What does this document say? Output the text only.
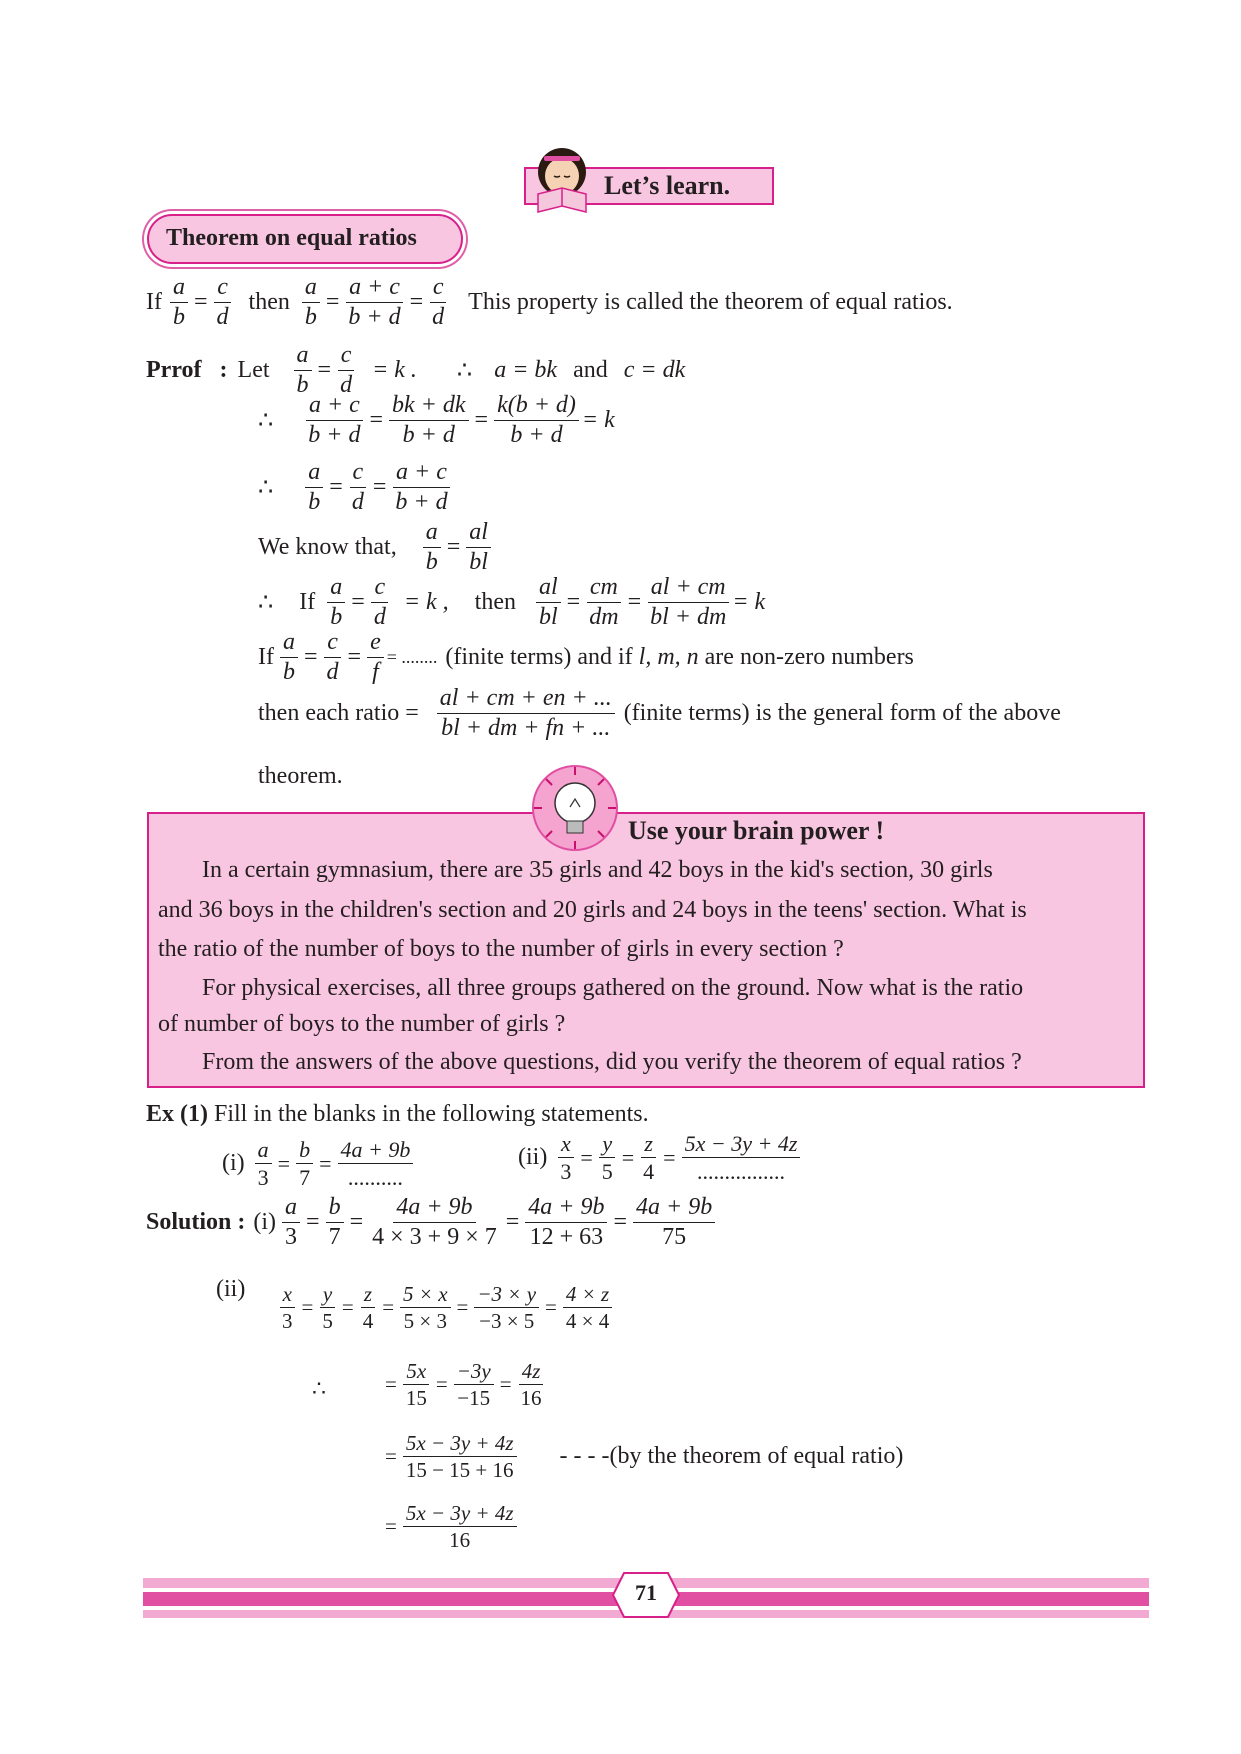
Let’s learn.
Theorem on equal ratios
If $\frac{a}{b} = \frac{c}{d}$ then $\frac{a}{b} = \frac{a + c}{b + d} = \frac{c}{d}$ This property is called the theorem of equal ratios.
Prrof : Let $\frac{a}{b} = \frac{c}{d} = k$ . ∴ a = bk and c = dk
∴ $\frac{a + c}{b + d} = \frac{bk + dk}{b + d} = \frac{k(b + d)}{b + d} = k$
∴ $\frac{a}{b} = \frac{c}{d} = \frac{a + c}{b + d}$
We know that, $\frac{a}{b} = \frac{al}{bl}$
∴ If $\frac{a}{b} = \frac{c}{d} = k$ , then $\frac{al}{bl} = \frac{cm}{dm} = \frac{al + cm}{bl + dm} = k$
If $\frac{a}{b} = \frac{c}{d} = \frac{e}{f}$ = ........ (finite terms) and if l, m, n are non-zero numbers
then each ratio = $\frac{al + cm + en + ...}{bl + dm + fn + ...}$ (finite terms) is the general form of the above
theorem.
Use your brain power !
In a certain gymnasium, there are 35 girls and 42 boys in the kid's section, 30 girls
and 36 boys in the children's section and 20 girls and 24 boys in the teens' section. What is
the ratio of the number of boys to the number of girls in every section ?
For physical exercises, all three groups gathered on the ground. Now what is the ratio
of number of boys to the number of girls ?
From the answers of the above questions, did you verify the theorem of equal ratios ?
Ex (1) Fill in the blanks in the following statements.
$(i) \frac{a}{3} = \frac{b}{7} = \frac{4a + 9b}{..........}$	$(ii) \frac{x}{3} = \frac{y}{5} = \frac{z}{4} = \frac{5x - 3y + 4z}{................}$
Solution : $(i) \frac{a}{3} = \frac{b}{7} = \frac{4a + 9b}{4 \times 3 + 9 \times 7} = \frac{4a + 9b}{12 + 63} = \frac{4a + 9b}{75}$
$(ii) \frac{x}{3} = \frac{y}{5} = \frac{z}{4} = \frac{5 \times x}{5 \times 3} = \frac{-3 \times y}{-3 \times 5} = \frac{4 \times z}{4 \times 4}$
∴	= $\frac{5x}{15} = \frac{-3y}{-15} = \frac{4z}{16}$
= $\frac{5x - 3y + 4z}{15 - 15 + 16}$ - - - -(by the theorem of equal ratio)
= $\frac{5x - 3y + 4z}{16}$
71
